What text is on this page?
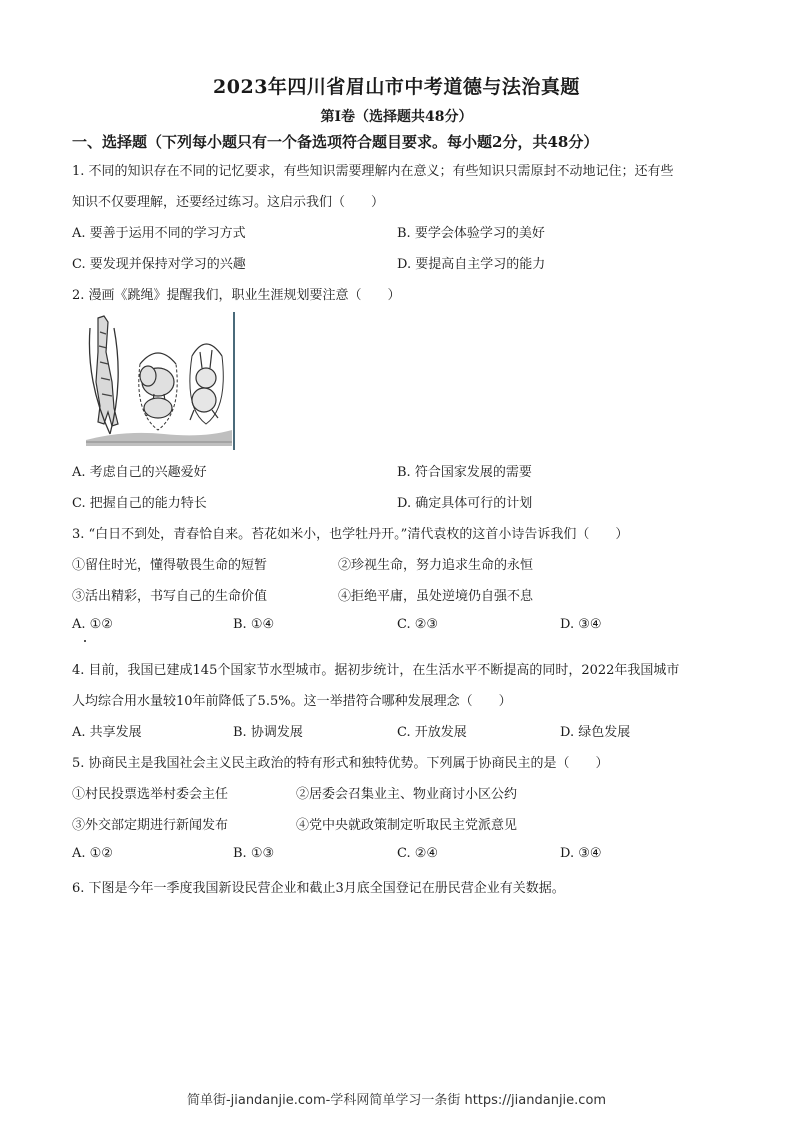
2023年四川省眉山市中考道德与法治真题
第I卷（选择题共48分）
一、选择题（下列每小题只有一个备选项符合题目要求。每小题2分，共48分）
1. 不同的知识存在不同的记忆要求，有些知识需要理解内在意义；有些知识只需原封不动地记住；还有些
知识不仅要理解，还要经过练习。这启示我们（　　）
A. 要善于运用不同的学习方式	B. 要学会体验学习的美好
C. 要发现并保持对学习的兴趣	D. 要提高自主学习的能力
2. 漫画《跳绳》提醒我们，职业生涯规划要注意（　　）
A. 考虑自己的兴趣爱好	B. 符合国家发展的需要
C. 把握自己的能力特长	D. 确定具体可行的计划
3. “白日不到处，青春恰自来。苔花如米小，也学牡丹开。”清代袁枚的这首小诗告诉我们（　　）
①留住时光，懂得敬畏生命的短暂	②珍视生命，努力追求生命的永恒
③活出精彩，书写自己的生命价值	④拒绝平庸，虽处逆境仍自强不息
A. ①②	B. ①④	C. ②③	D. ③④
4. 目前，我国已建成145个国家节水型城市。据初步统计，在生活水平不断提高的同时，2022年我国城市
人均综合用水量较10年前降低了5.5%。这一举措符合哪种发展理念（　　）
A. 共享发展	B. 协调发展	C. 开放发展	D. 绿色发展
5. 协商民主是我国社会主义民主政治的特有形式和独特优势。下列属于协商民主的是（　　）
①村民投票选举村委会主任	②居委会召集业主、物业商讨小区公约
③外交部定期进行新闻发布	④党中央就政策制定听取民主党派意见
A. ①②	B. ①③	C. ②④	D. ③④
6. 下图是今年一季度我国新设民营企业和截止3月底全国登记在册民营企业有关数据。
简单街-jiandanjie.com-学科网简单学习一条街 https://jiandanjie.com
